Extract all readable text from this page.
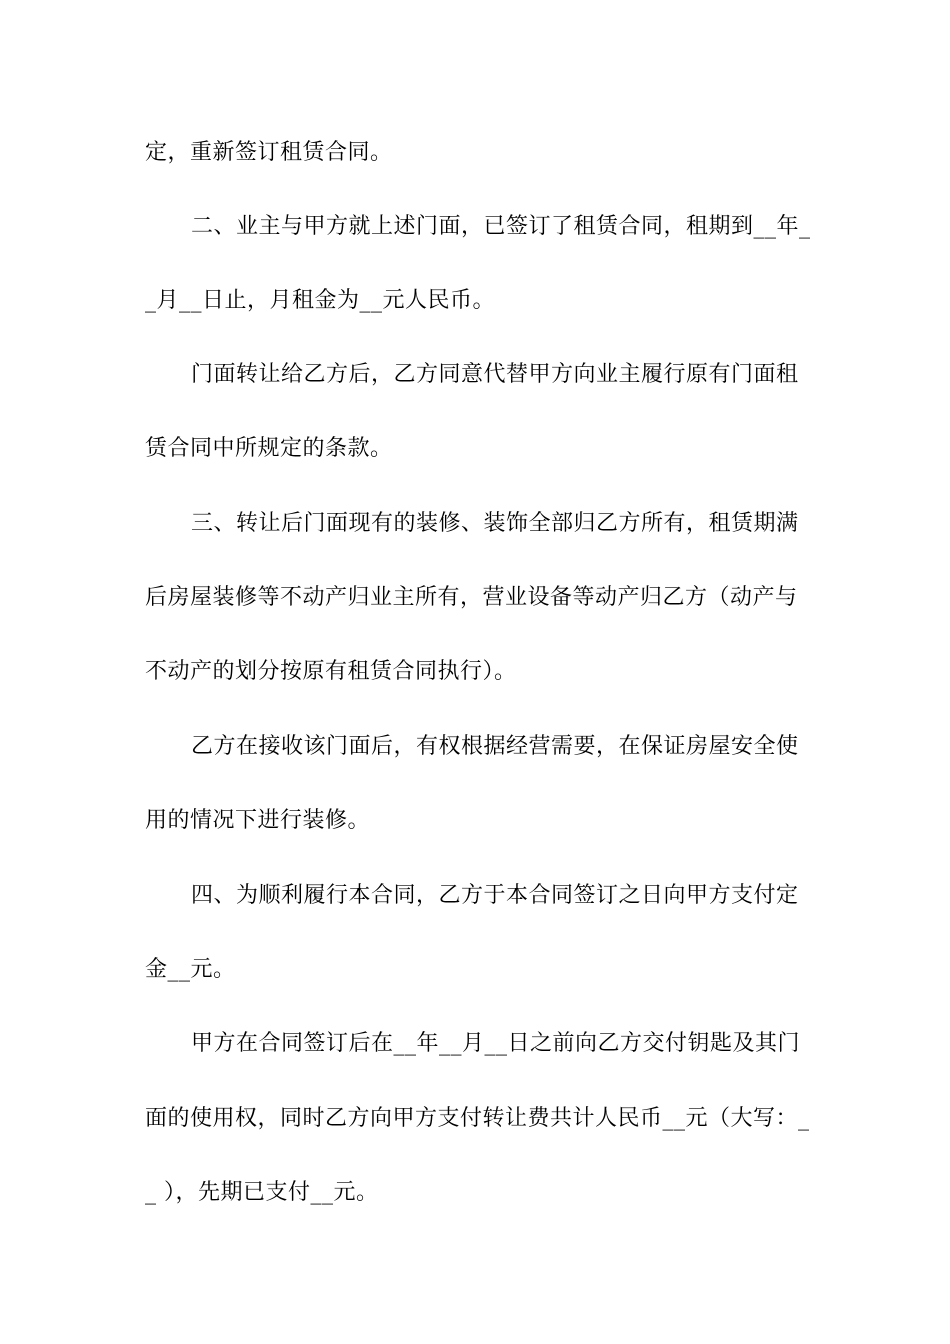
定，重新签订租赁合同。
二、业主与甲方就上述门面，已签订了租赁合同，租期到__年_
_月__日止，月租金为__元人民币。
门面转让给乙方后，乙方同意代替甲方向业主履行原有门面租
赁合同中所规定的条款。
三、转让后门面现有的装修、装饰全部归乙方所有，租赁期满
后房屋装修等不动产归业主所有，营业设备等动产归乙方（动产与
不动产的划分按原有租赁合同执行）。
乙方在接收该门面后，有权根据经营需要，在保证房屋安全使
用的情况下进行装修。
四、为顺利履行本合同，乙方于本合同签订之日向甲方支付定
金__元。
甲方在合同签订后在__年__月__日之前向乙方交付钥匙及其门
面的使用权，同时乙方向甲方支付转让费共计人民币__元（大写：_
_ ），先期已支付__元。
